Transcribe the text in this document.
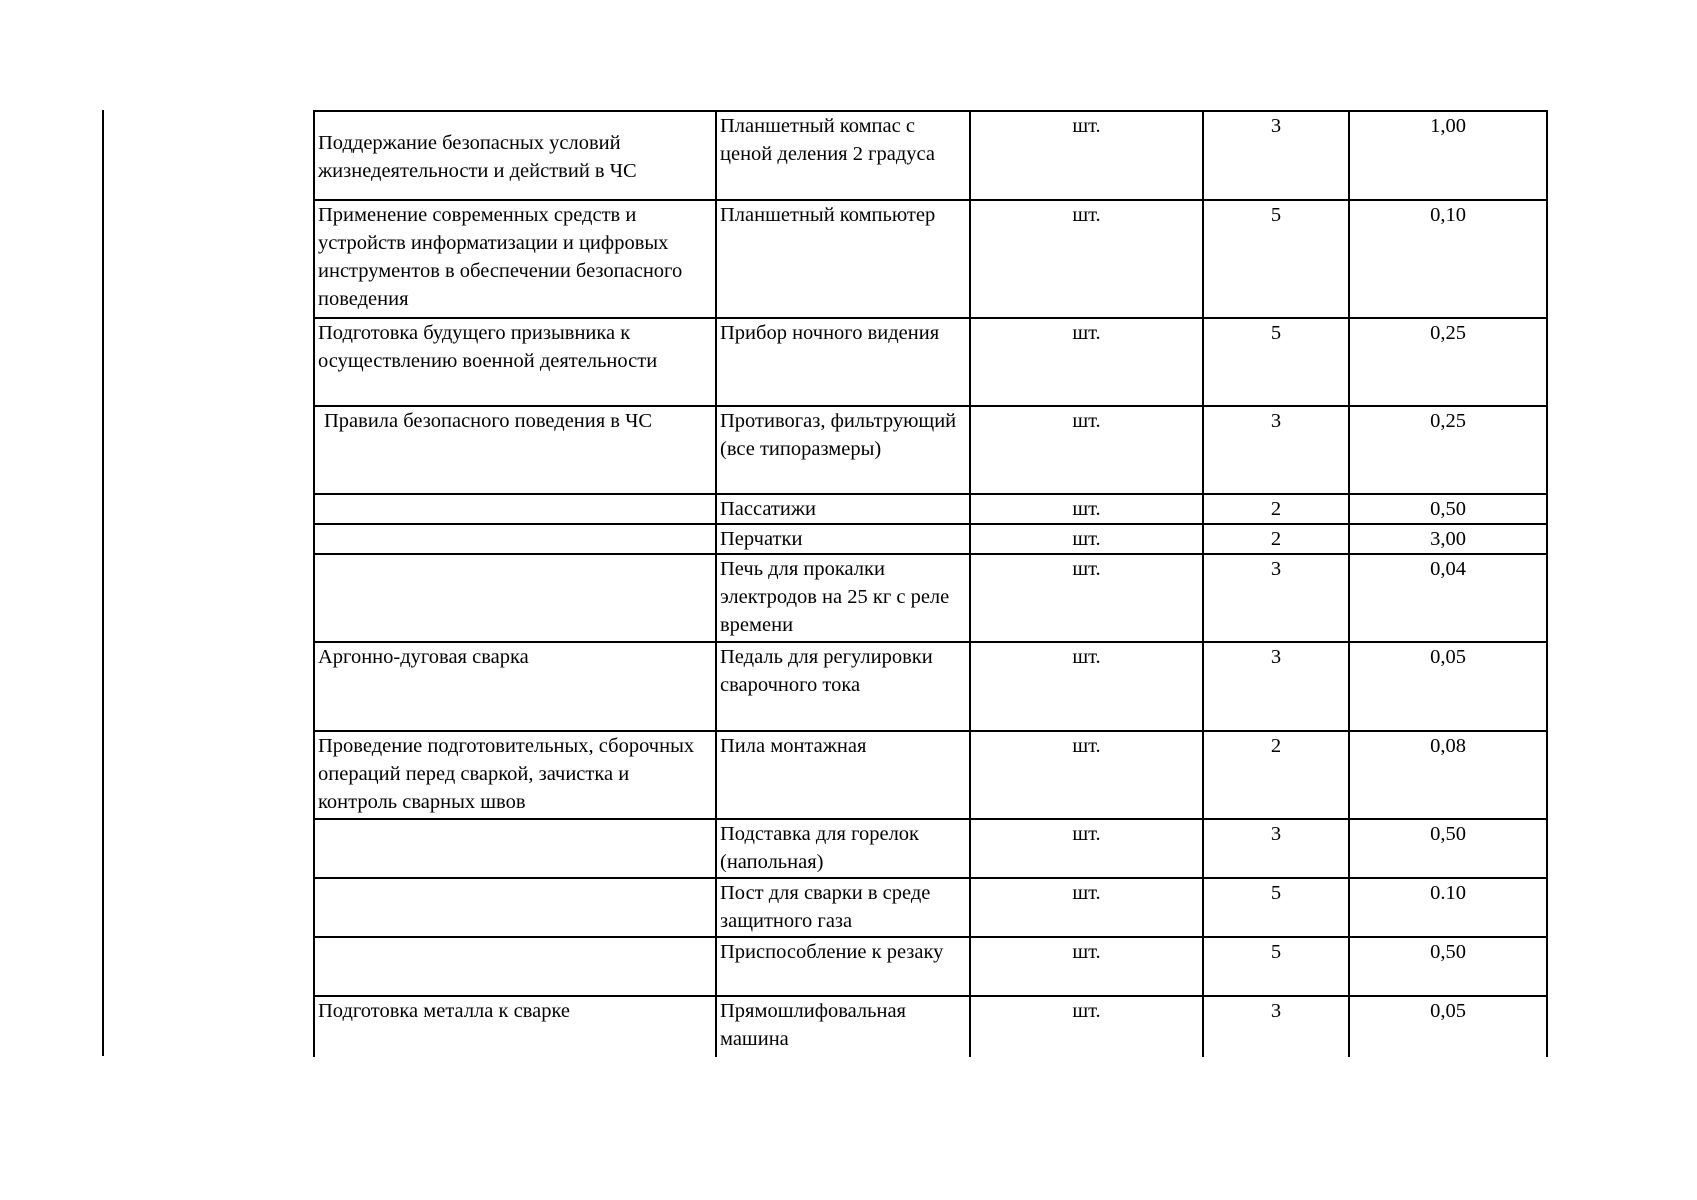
Поддержание безопасных условий жизнедеятельности и действий в ЧС	Планшетный компас с ценой деления 2 градуса	шт.	3	1,00
Применение современных средств и устройств информатизации и цифровых инструментов в обеспечении безопасного поведения	Планшетный компьютер	шт.	5	0,10
Подготовка будущего призывника к осуществлению военной деятельности	Прибор ночного видения	шт.	5	0,25
Правила безопасного поведения в ЧС	Противогаз, фильтрующий (все типоразмеры)	шт.	3	0,25
	Пассатижи	шт.	2	0,50
	Перчатки	шт.	2	3,00
	Печь для прокалки электродов на 25 кг с реле времени	шт.	3	0,04
Аргонно-дуговая сварка	Педаль для регулировки сварочного тока	шт.	3	0,05
Проведение подготовительных, сборочных операций перед сваркой, зачистка и контроль сварных швов	Пила монтажная	шт.	2	0,08
	Подставка для горелок (напольная)	шт.	3	0,50
	Пост для сварки в среде защитного газа	шт.	5	0.10
	Приспособление к резаку	шт.	5	0,50
Подготовка металла к сварке	Прямошлифовальная машина	шт.	3	0,05
